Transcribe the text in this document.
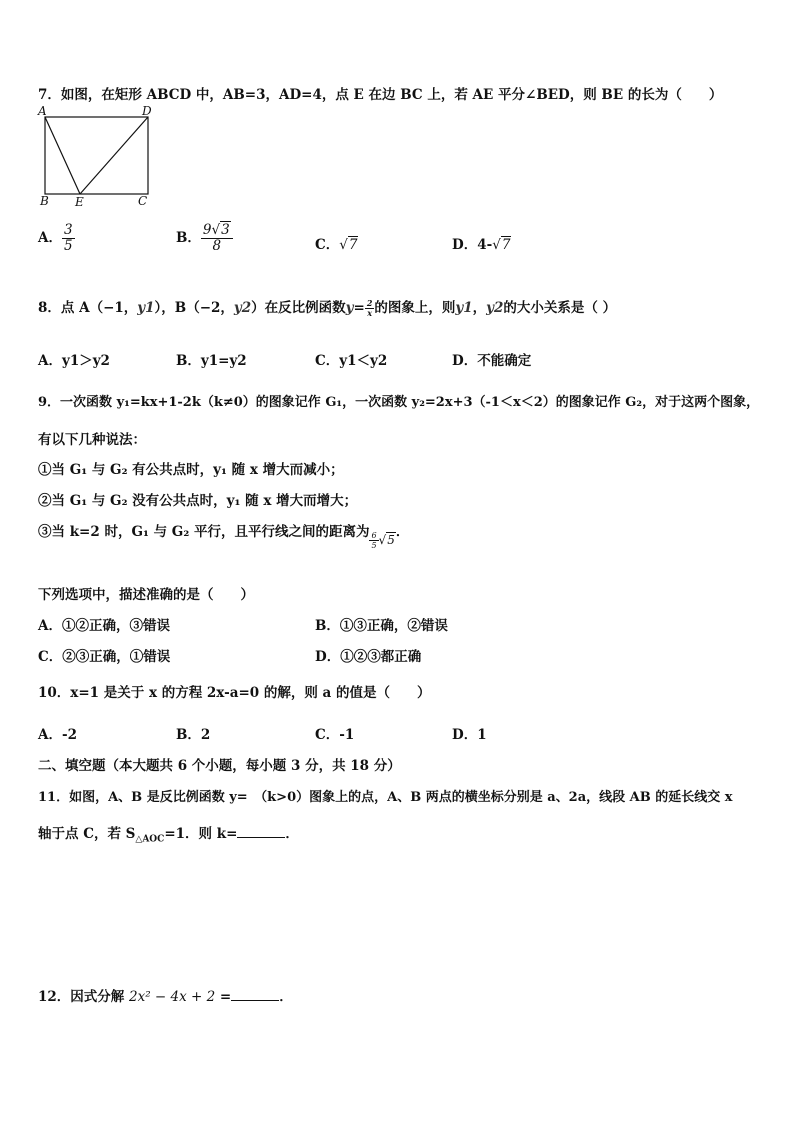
7．如图，在矩形 ABCD 中，AB=3，AD=4，点 E 在边 BC 上，若 AE 平分∠BED，则 BE 的长为（　　）
A	D
B E	C
A． $\frac{3}{5}$	B． $\frac{9√3}{8}$	C．√7	D．4-√7
8．点 A（−1，y1），B（−2，y2）在反比例函数$y= \frac{2}{x}$ 的图象上，则y1，y2的大小关系是（ ）
A．y1＞y2	B．y1=y2	C．y1＜y2	D．不能确定
9．一次函数 y₁=kx+1-2k（k≠0）的图象记作 G₁，一次函数 y₂=2x+3（-1＜x＜2）的图象记作 G₂，对于这两个图象，
有以下几种说法：
①当 G₁ 与 G₂ 有公共点时，y₁ 随 x 增大而减小；
②当 G₁ 与 G₂ 没有公共点时，y₁ 随 x 增大而增大；
③当 k=2 时，G₁ 与 G₂ 平行，且平行线之间的距离为 $\frac{6}{5} √5$．
下列选项中，描述准确的是（　　）
A．①②正确，③错误	B．①③正确，②错误
C．②③正确，①错误	D．①②③都正确
10．x=1 是关于 x 的方程 2x-a=0 的解，则 a 的值是（　　）
A．-2	B．2	C．-1	D．1
二、填空题（本大题共 6 个小题，每小题 3 分，共 18 分）
11．如图，A、B 是反比例函数 y=　（k>0）图象上的点，A、B 两点的横坐标分别是 a、2a，线段 AB 的延长线交 x
轴于点 C，若 $S_{\triangle AOC}=1$．则 k=	．
12．因式分解 2x² − 4x + 2 =	．
